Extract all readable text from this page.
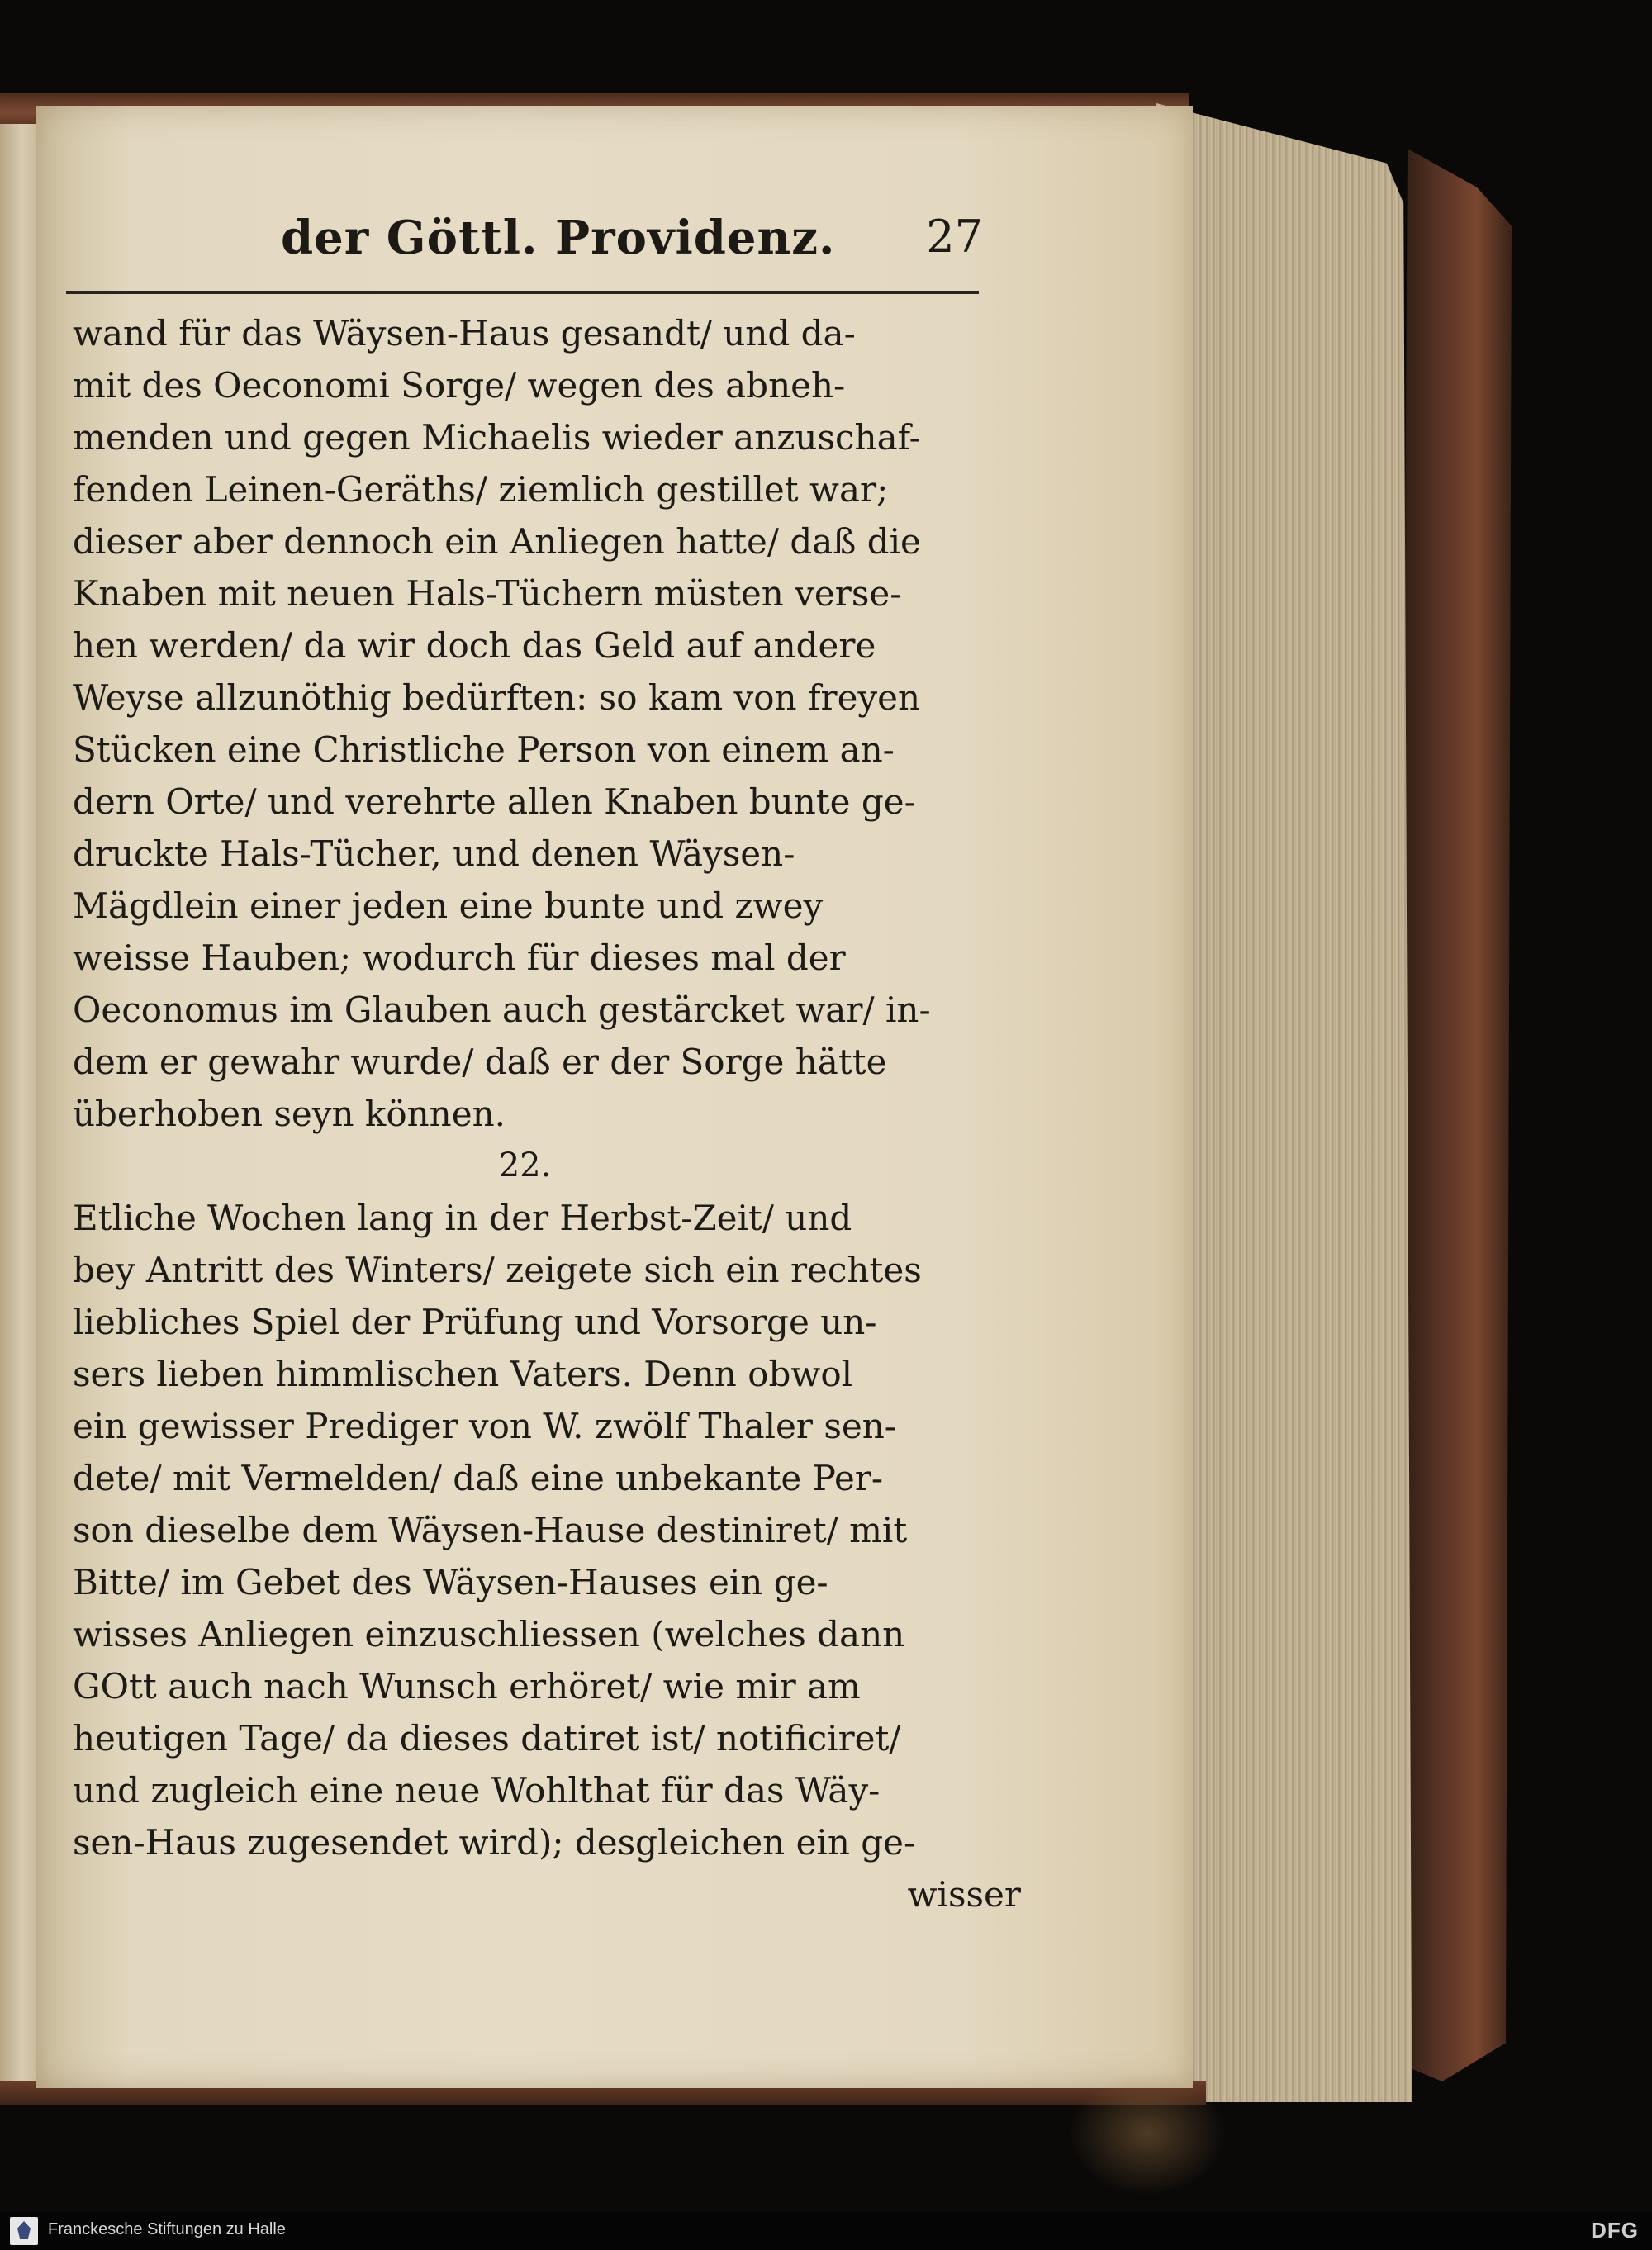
der Göttl. Providenz. 27
wand für das Wäysen-Haus gesandt/ und da-
mit des Oeconomi Sorge/ wegen des abneh-
menden und gegen Michaelis wieder anzuschaf-
fenden Leinen-Geräths/ ziemlich gestillet war;
dieser aber dennoch ein Anliegen hatte/ daß die
Knaben mit neuen Hals-Tüchern müsten verse-
hen werden/ da wir doch das Geld auf andere
Weyse allzunöthig bedürften: so kam von freyen
Stücken eine Christliche Person von einem an-
dern Orte/ und verehrte allen Knaben bunte ge-
druckte Hals-Tücher, und denen Wäysen-
Mägdlein einer jeden eine bunte und zwey
weisse Hauben; wodurch für dieses mal der
Oeconomus im Glauben auch gestärcket war/ in-
dem er gewahr wurde/ daß er der Sorge hätte
überhoben seyn können.
22.
Etliche Wochen lang in der Herbst-Zeit/ und
bey Antritt des Winters/ zeigete sich ein rechtes
liebliches Spiel der Prüfung und Vorsorge un-
sers lieben himmlischen Vaters. Denn obwol
ein gewisser Prediger von W. zwölf Thaler sen-
dete/ mit Vermelden/ daß eine unbekante Per-
son dieselbe dem Wäysen-Hause destiniret/ mit
Bitte/ im Gebet des Wäysen-Hauses ein ge-
wisses Anliegen einzuschliessen (welches dann
GOtt auch nach Wunsch erhöret/ wie mir am
heutigen Tage/ da dieses datiret ist/ notificiret/
und zugleich eine neue Wohlthat für das Wäy-
sen-Haus zugesendet wird); desgleichen ein ge-
wisser
Franckesche Stiftungen zu Halle	DFG
